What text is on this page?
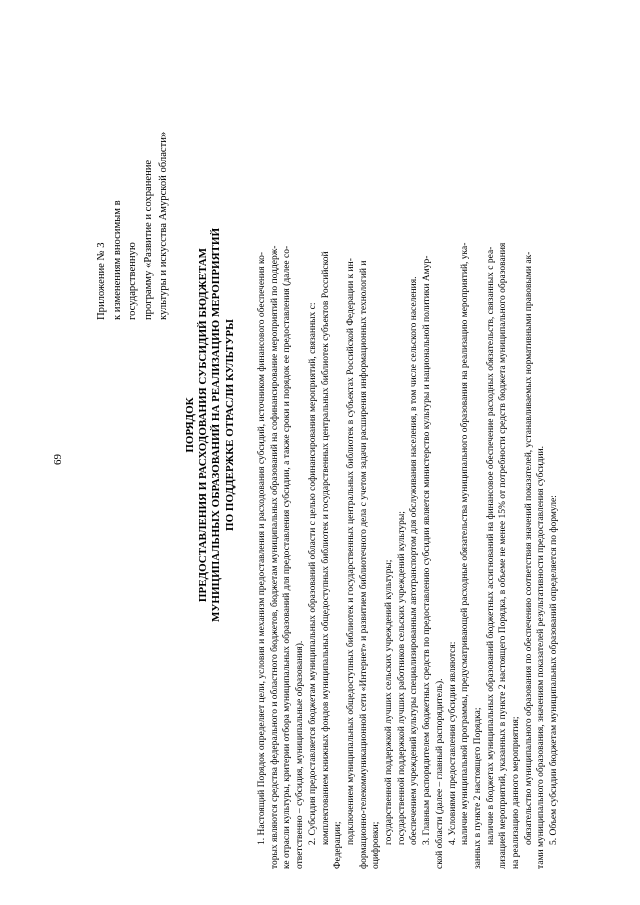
69
Приложение № 3 к изменениям вносимым в государственную программу «Развитие и сохранение культуры и искусства Амурской области»
ПОРЯДОК ПРЕДОСТАВЛЕНИЯ И РАСХОДОВАНИЯ СУБСИДИЙ БЮДЖЕТАМ МУНИЦИПАЛЬНЫХ ОБРАЗОВАНИЙ НА РЕАЛИЗАЦИЮ МЕРОПРИЯТИЙ ПО ПОДДЕРЖКЕ ОТРАСЛИ КУЛЬТУРЫ 1. Настоящий Порядок определяет цели, условия и механизм предоставления и расходования субсидий, источником финансового обеспечения ко- торых являются средства федерального и областного бюджетов, бюджетам муниципальных образований на софинансирование мероприятий по поддерж- ке отрасли культуры, критерии отбора муниципальных образований для предоставления субсидии, а также сроки и порядок ее предоставления (далее со- ответственно – субсидия, муниципальные образования). 2. Субсидия предоставляется бюджетам муниципальных образований области с целью софинансирования мероприятий, связанных с: комплектованием книжных фондов муниципальных общедоступных библиотек и государственных центральных библиотек субъектов Российской
Федерации;
подключением муниципальных общедоступных библиотек и государственных центральных библиотек в субъектах Российской Федерации к ин- формационно-телекоммуникационной сети «Интернет» и развитием библиотечного дела с учетом задачи расширения информационных технологий и оцифровки;
государственной поддержкой лучших сельских учреждений культуры; государственной поддержкой лучших работников сельских учреждений культуры; обеспечением учреждений культуры специализированным автотранспортом для обслуживания населения, в том числе сельского населения. 3. Главным распорядителем бюджетных средств по предоставлению субсидии является министерство культуры и национальной политики Амур- ской области (далее – главный распорядитель). 4. Условиями предоставления субсидии являются: наличие муниципальной программы, предусматривающей расходные обязательства муниципального образования на реализацию мероприятий, ука- занных в пункте 2 настоящего Порядка; наличие в бюджетах муниципальных образований бюджетных ассигнований на финансовое обеспечение расходных обязательств, связанных с реа- лизацией мероприятий, указанных в пункте 2 настоящего Порядка, в объеме не менее 15% от потребности средств бюджета муниципального образования на реализацию данного мероприятия; обязательство муниципального образования по обеспечению соответствия значений показателей, устанавливаемых нормативными правовыми ак- тами муниципального образования, значениям показателей результативности предоставления субсидии. 5. Объем субсидии бюджетам муниципальных образований определяется по формуле:
